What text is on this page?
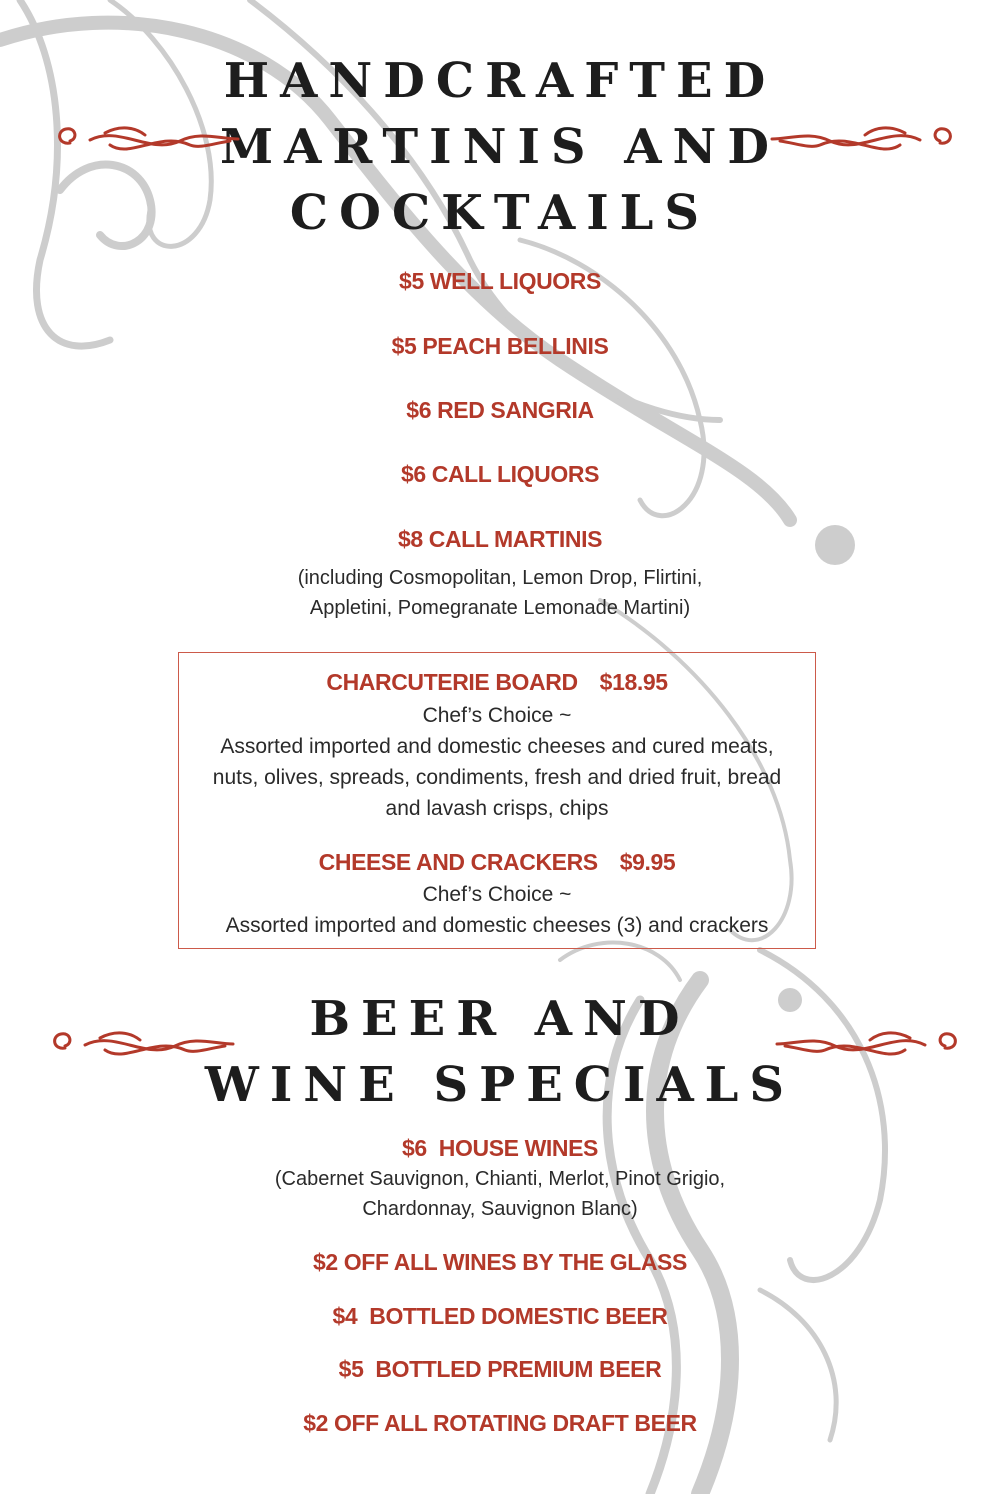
HANDCRAFTED
MARTINIS AND
COCKTAILS
$5 WELL LIQUORS
$5 PEACH BELLINIS
$6 RED SANGRIA
$6 CALL LIQUORS
$8 CALL MARTINIS
(including Cosmopolitan, Lemon Drop, Flirtini,
Appletini, Pomegranate Lemonade Martini)
CHARCUTERIE BOARD $18.95
Chef’s Choice ~
Assorted imported and domestic cheeses and cured meats,
nuts, olives, spreads, condiments, fresh and dried fruit, bread
and lavash crisps, chips
CHEESE AND CRACKERS $9.95
Chef’s Choice ~
Assorted imported and domestic cheeses (3) and crackers
BEER AND
WINE SPECIALS
$6  HOUSE WINES
(Cabernet Sauvignon, Chianti, Merlot, Pinot Grigio,
Chardonnay, Sauvignon Blanc)
$2 OFF ALL WINES BY THE GLASS
$4  BOTTLED DOMESTIC BEER
$5  BOTTLED PREMIUM BEER
$2 OFF ALL ROTATING DRAFT BEER
